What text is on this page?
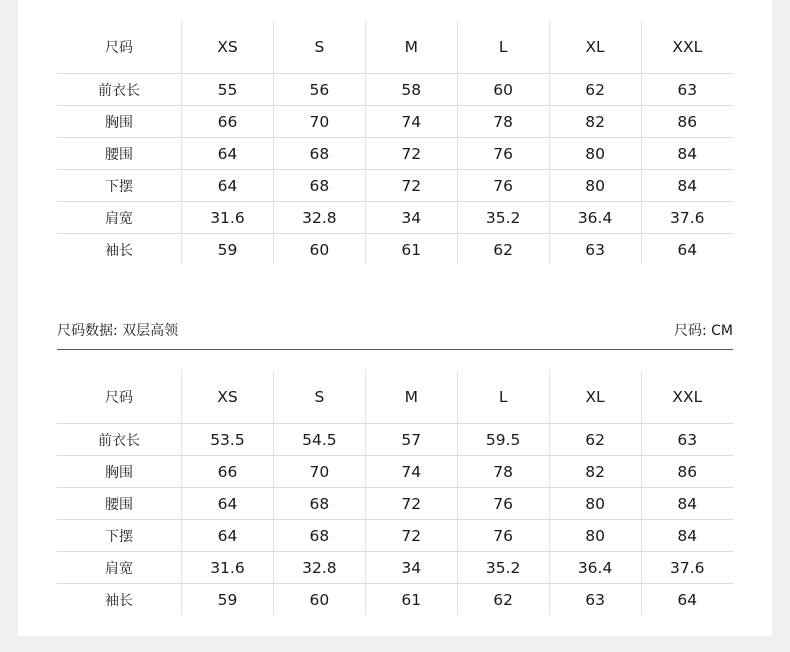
尺码	XS	S	M	L	XL	XXL
前衣长	55	56	58	60	62	63
胸围	66	70	74	78	82	86
腰围	64	68	72	76	80	84
下摆	64	68	72	76	80	84
肩宽	31.6	32.8	34	35.2	36.4	37.6
袖长	59	60	61	62	63	64
尺码数据: 双层高领	尺码: CM
尺码	XS	S	M	L	XL	XXL
前衣长	53.5	54.5	57	59.5	62	63
胸围	66	70	74	78	82	86
腰围	64	68	72	76	80	84
下摆	64	68	72	76	80	84
肩宽	31.6	32.8	34	35.2	36.4	37.6
袖长	59	60	61	62	63	64
